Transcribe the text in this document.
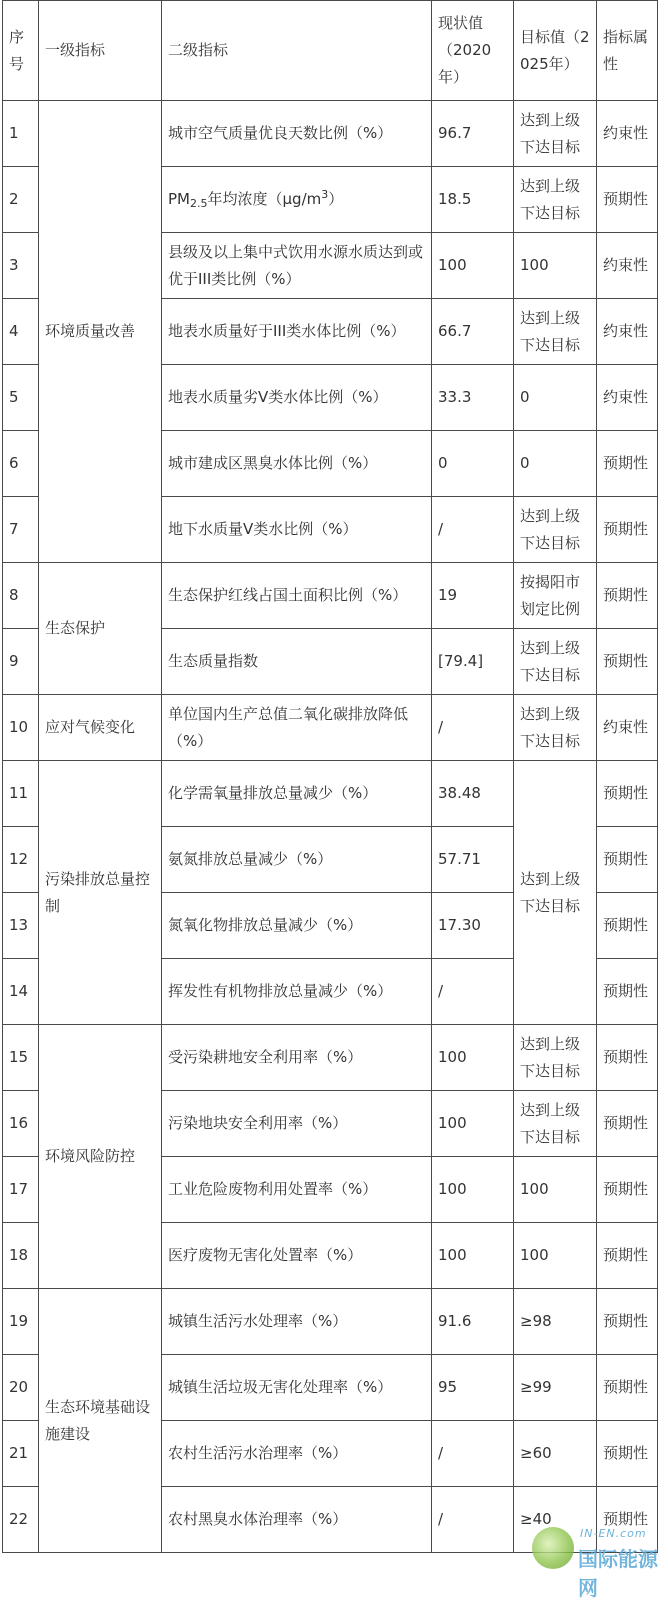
序号	一级指标	二级指标	现状值（2020年）	目标值（2025年）	指标属性
1	环境质量改善	城市空气质量优良天数比例（%）	96.7	达到上级下达目标	约束性
2		$PM_{2.5}$年均浓度$(\mu g/m^3)$	18.5	达到上级下达目标	预期性
3		县级及以上集中式饮用水源水质达到或优于III类比例（%）	100	100	约束性
4		地表水质量好于III类水体比例（%）	66.7	达到上级下达目标	约束性
5		地表水质量劣Ⅴ类水体比例（%）	33.3	0	约束性
6		城市建成区黑臭水体比例（%）	0	0	预期性
7		地下水质量Ⅴ类水比例（%）	/	达到上级下达目标	预期性
8	生态保护	生态保护红线占国土面积比例（%）	19	按揭阳市划定比例	预期性
9		生态质量指数	[79.4]	达到上级下达目标	预期性
10	应对气候变化	单位国内生产总值二氧化碳排放降低（%）	/	达到上级下达目标	约束性
11	污染排放总量控制	化学需氧量排放总量减少（%）	38.48	达到上级下达目标	预期性
12		氨氮排放总量减少（%）	57.71		预期性
13		氮氧化物排放总量减少（%）	17.30		预期性
14		挥发性有机物排放总量减少（%）	/		预期性
15	环境风险防控	受污染耕地安全利用率（%）	100	达到上级下达目标	预期性
16		污染地块安全利用率（%）	100	达到上级下达目标	预期性
17		工业危险废物利用处置率（%）	100	100	预期性
18		医疗废物无害化处置率（%）	100	100	预期性
19	生态环境基础设施建设	城镇生活污水处理率（%）	91.6	≥98	预期性
20		城镇生活垃圾无害化处理率（%）	95	≥99	预期性
21		农村生活污水治理率（%）	/	≥60	预期性
22		农村黑臭水体治理率（%）	/	≥40	预期性
IN-EN.com
国际能源网
